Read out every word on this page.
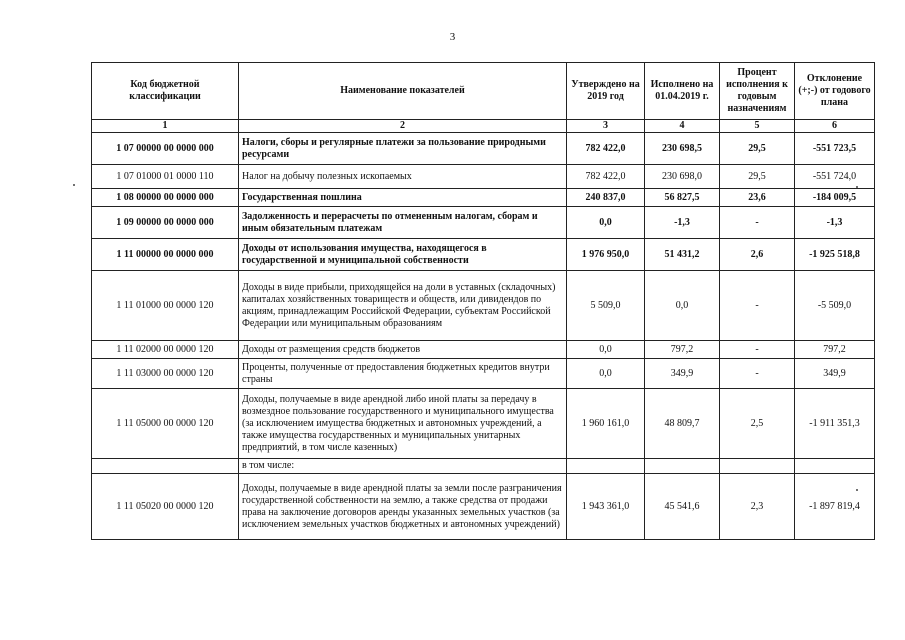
3
Код бюджетной классификации	Наименование показателей	Утверждено на 2019 год	Исполнено на 01.04.2019 г.	Процент исполнения к годовым назначениям	Отклонение (+;-) от годового плана
1	2	3	4	5	6
1 07 00000 00 0000 000	Налоги, сборы и регулярные платежи за пользование природными ресурсами	782 422,0	230 698,5	29,5	-551 723,5
1 07 01000 01 0000 110	Налог на добычу полезных ископаемых	782 422,0	230 698,0	29,5	-551 724,0
1 08 00000 00 0000 000	Государственная пошлина	240 837,0	56 827,5	23,6	-184 009,5
1 09 00000 00 0000 000	Задолженность и перерасчеты по отмененным налогам, сборам и иным обязательным платежам	0,0	-1,3	-	-1,3
1 11 00000 00 0000 000	Доходы от использования имущества, находящегося в государственной и муниципальной собственности	1 976 950,0	51 431,2	2,6	-1 925 518,8
1 11 01000 00 0000 120	Доходы в виде прибыли, приходящейся на доли в уставных (складочных) капиталах хозяйственных товариществ и обществ, или дивидендов по акциям, принадлежащим Российской Федерации, субъектам Российской Федерации или муниципальным образованиям	5 509,0	0,0	-	-5 509,0
1 11 02000 00 0000 120	Доходы от размещения средств бюджетов	0,0	797,2	-	797,2
1 11 03000 00 0000 120	Проценты, полученные от предоставления бюджетных кредитов внутри страны	0,0	349,9	-	349,9
1 11 05000 00 0000 120	Доходы, получаемые в виде арендной либо иной платы за передачу в возмездное пользование государственного и муниципального имущества (за исключением имущества бюджетных и автономных учреждений, а также имущества государственных и муниципальных унитарных предприятий, в том числе казенных)	1 960 161,0	48 809,7	2,5	-1 911 351,3
	в том числе:				
1 11 05020 00 0000 120	Доходы, получаемые в виде арендной платы за земли после разграничения государственной собственности на землю, а также средства от продажи права на заключение договоров аренды указанных земельных участков (за исключением земельных участков бюджетных и автономных учреждений)	1 943 361,0	45 541,6	2,3	-1 897 819,4
